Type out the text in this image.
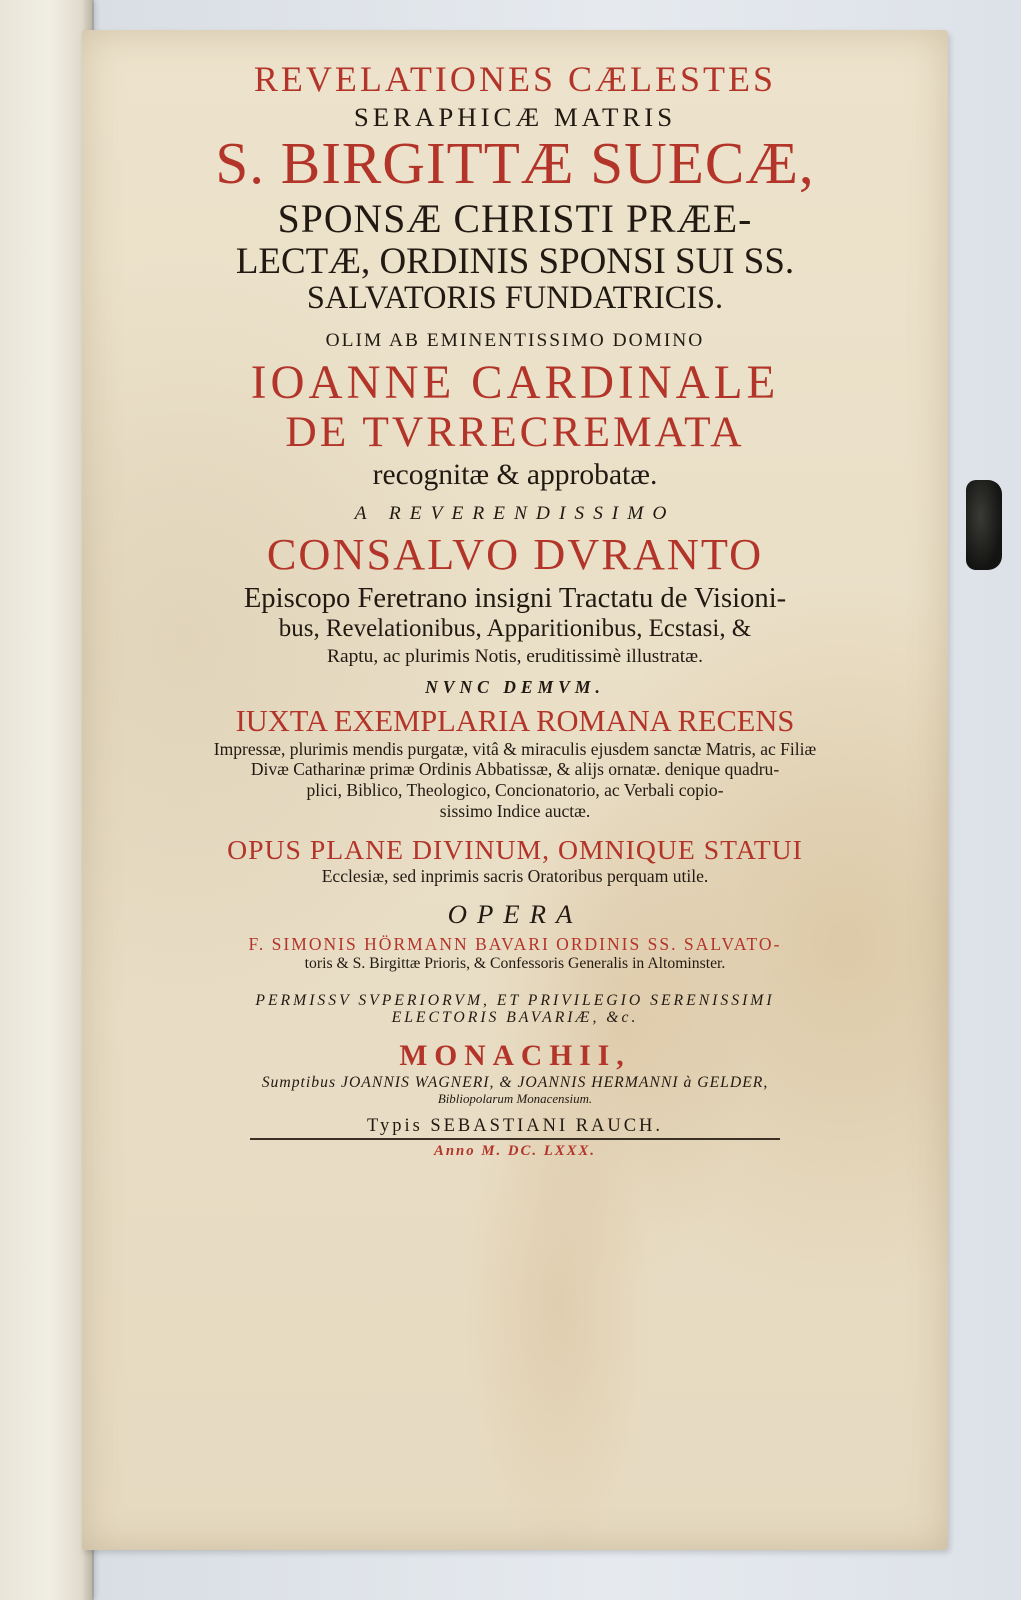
REVELATIONES CÆLESTES
SERAPHICÆ MATRIS
S. BIRGITTÆ SUECÆ,
SPONSÆ CHRISTI PRÆE-
LECTÆ, ORDINIS SPONSI SUI SS.
SALVATORIS FUNDATRICIS.
OLIM AB EMINENTISSIMO DOMINO
IOANNE CARDINALE
DE TVRRECREMATA
recognitæ & approbatæ.
A REVERENDISSIMO
CONSALVO DVRANTO
Episcopo Feretrano insigni Tractatu de Visioni-
bus, Revelationibus, Apparitionibus, Ecstasi, &
Raptu, ac plurimis Notis, eruditissimè illustratæ.
NVNC DEMVM.
IUXTA EXEMPLARIA ROMANA RECENS
Impressæ, plurimis mendis purgatæ, vitâ & miraculis ejusdem sanctæ Matris, ac Filiæ
Divæ Catharinæ primæ Ordinis Abbatissæ, & alijs ornatæ. denique quadru-
plici, Biblico, Theologico, Concionatorio, ac Verbali copio-
sissimo Indice auctæ.
OPUS PLANE DIVINUM, OMNIQUE STATUI
Ecclesiæ, sed inprimis sacris Oratoribus perquam utile.
OPERA
F. SIMONIS HÖRMANN BAVARI ORDINIS SS. SALVATO-
toris & S. Birgittæ Prioris, & Confessoris Generalis in Altominster.
PERMISSV SVPERIORVM, ET PRIVILEGIO SERENISSIMI
ELECTORIS BAVARIÆ, &c.
MONACHII,
Sumptibus JOANNIS WAGNERI, & JOANNIS HERMANNI à GELDER,
Bibliopolarum Monacensium.
Typis SEBASTIANI RAUCH.
Anno M. DC. LXXX.
